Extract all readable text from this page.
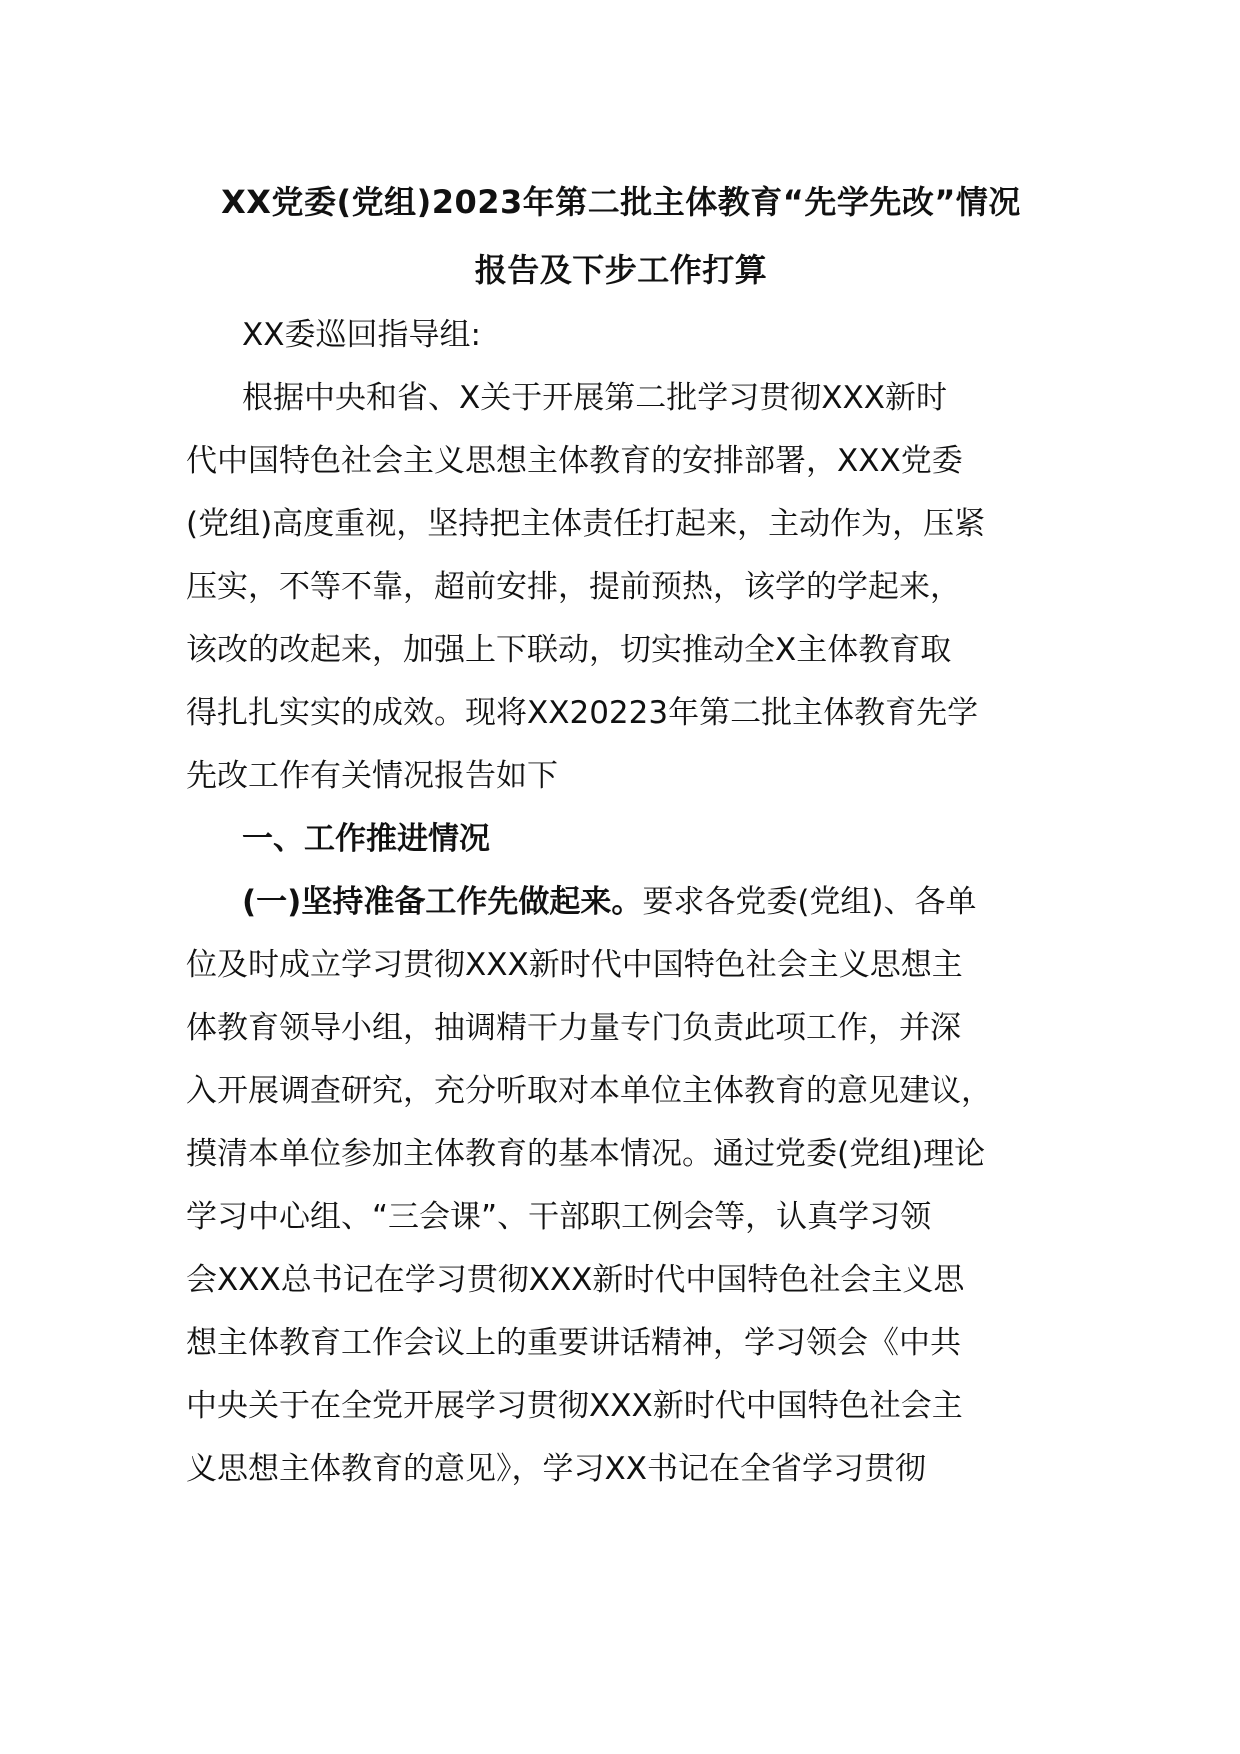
XX党委(党组)2023年第二批主体教育“先学先改”情况
报告及下步工作打算

XX委巡回指导组:

根据中央和省、X关于开展第二批学习贯彻XXX新时
代中国特色社会主义思想主体教育的安排部署，XXX党委
(党组)高度重视，坚持把主体责任打起来，主动作为，压紧
压实，不等不靠，超前安排，提前预热，该学的学起来，
该改的改起来，加强上下联动，切实推动全X主体教育取
得扎扎实实的成效。现将XX20223年第二批主体教育先学
先改工作有关情况报告如下

一、工作推进情况

(一)坚持准备工作先做起来。要求各党委(党组)、各单
位及时成立学习贯彻XXX新时代中国特色社会主义思想主
体教育领导小组，抽调精干力量专门负责此项工作，并深
入开展调查研究，充分听取对本单位主体教育的意见建议，
摸清本单位参加主体教育的基本情况。通过党委(党组)理论
学习中心组、“三会课”、干部职工例会等，认真学习领
会XXX总书记在学习贯彻XXX新时代中国特色社会主义思
想主体教育工作会议上的重要讲话精神，学习领会《中共
中央关于在全党开展学习贯彻XXX新时代中国特色社会主
义思想主体教育的意见》，学习XX书记在全省学习贯彻
